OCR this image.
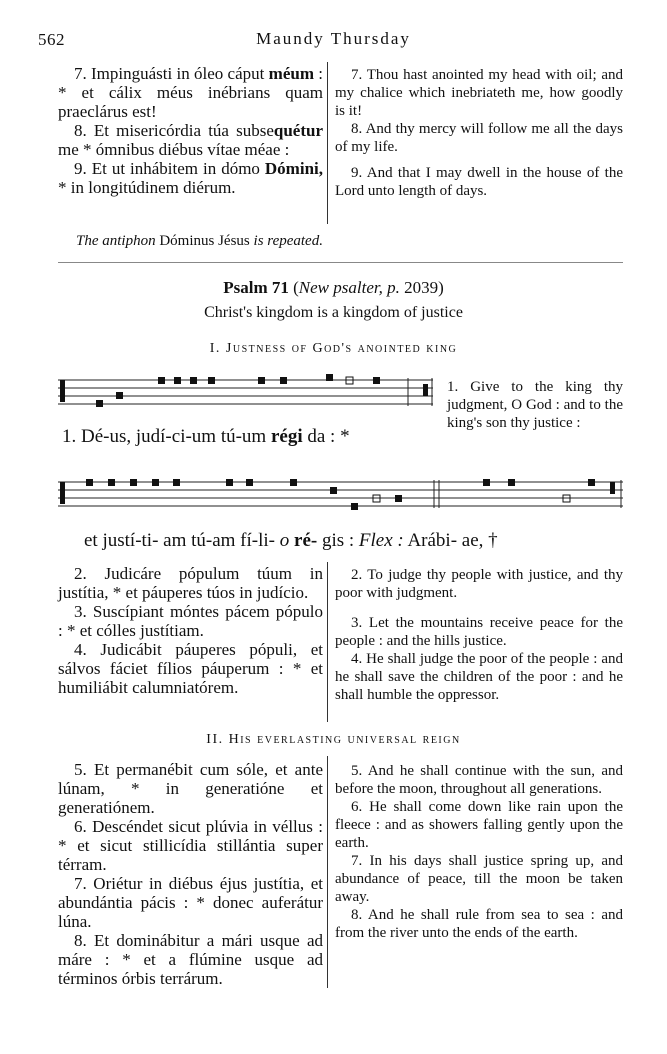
562	Maundy Thursday

7. Impinguásti in óleo cáput méum : * et cálix méus inébrians quam praeclárus est!

8. Et misericórdia túa subsequétur me * ómnibus diébus vítae méae :

9. Et ut inhábitem in dómo Dómini, * in longitúdinem diérum.

7. Thou hast anointed my head with oil; and my chalice which inebriateth me, how goodly is it!

8. And thy mercy will follow me all the days of my life.

9. And that I may dwell in the house of the Lord unto length of days.

The antiphon Dóminus Jésus is repeated.
Psalm 71 (New psalter, p. 2039)
Christ's kingdom is a kingdom of justice
I. Justness of God's anointed king
1. Dé-us, judí-ci-um tú-um régi da : *
1. Give to the king thy judgment, O God : and to the king's son thy justice :
et justí-ti- am tú-am fí-li- o ré- gis : Flex : Arábi- ae, †

2. Judicáre pópulum túum in justítia, * et páuperes túos in judício.

3. Suscípiant móntes pácem pópulo : * et cólles justítiam.

4. Judicábit páuperes pópuli, et sálvos fáciet fílios páuperum : * et humiliábit calumniatórem.

2. To judge thy people with justice, and thy poor with judgment.

3. Let the mountains receive peace for the people : and the hills justice.

4. He shall judge the poor of the people : and he shall save the children of the poor : and he shall humble the oppressor.

II. His everlasting universal reign

5. Et permanébit cum sóle, et ante lúnam, * in generatióne et generatiónem.

6. Descéndet sicut plúvia in véllus : * et sicut stillicídia stillántia super térram.

7. Oriétur in diébus éjus justítia, et abundántia pácis : * donec auferátur lúna.

8. Et dominábitur a mári usque ad máre : * et a flúmine usque ad términos órbis terrárum.

5. And he shall continue with the sun, and before the moon, throughout all generations.

6. He shall come down like rain upon the fleece : and as showers falling gently upon the earth.

7. In his days shall justice spring up, and abundance of peace, till the moon be taken away.

8. And he shall rule from sea to sea : and from the river unto the ends of the earth.
